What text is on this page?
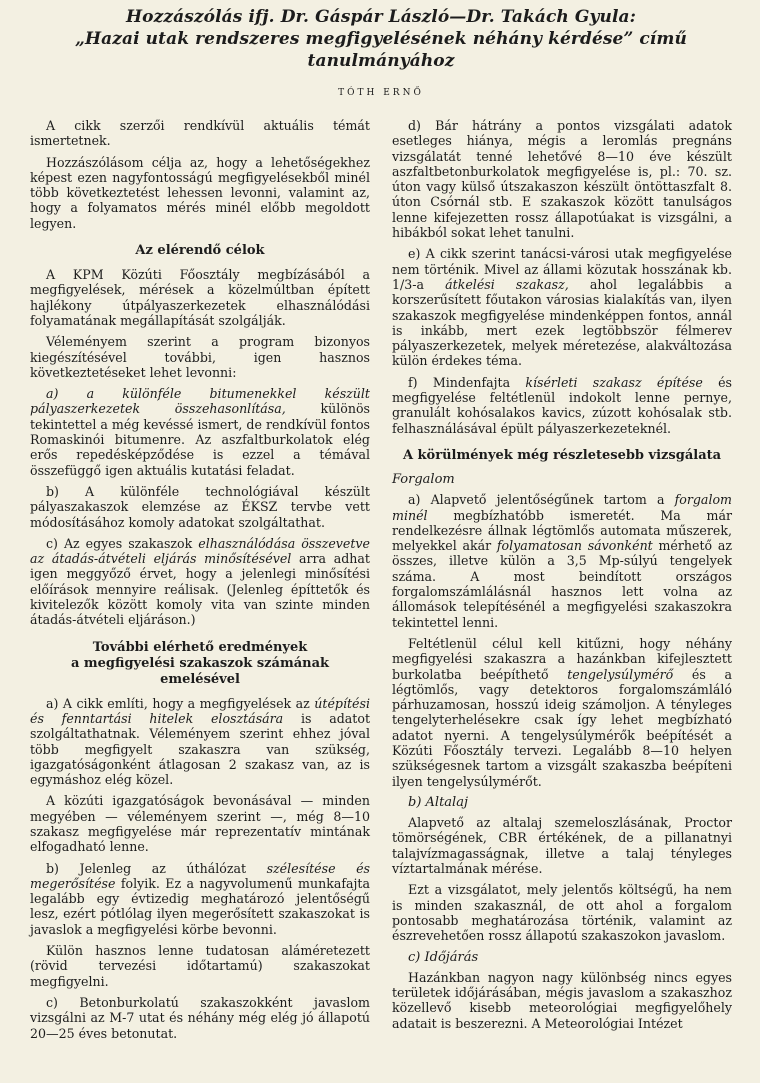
Hozzászólás ifj. Dr. Gáspár László—Dr. Takách Gyula:
„Hazai utak rendszeres megfigyelésének néhány kérdése” című
tanulmányához
TÓTH ERNŐ

A cikk szerzői rendkívül aktuális témát ismertetnek.

Hozzászólásom célja az, hogy a lehetőségekhez képest ezen nagyfontosságú megfigyelésekből minél több következtetést lehessen levonni, valamint az, hogy a folyamatos mérés minél előbb megoldott legyen.

Az elérendő célok

A KPM Közúti Főosztály megbízásából a megfigyelések, mérések a közelmúltban épített hajlékony útpályaszerkezetek elhasználódási folyamatának megállapítását szolgálják.

Véleményem szerint a program bizonyos kiegészítésével további, igen hasznos következtetéseket lehet levonni:

a) a különféle bitumenekkel készült pályaszerkezetek összehasonlítása, különös tekintettel a még kevéssé ismert, de rendkívül fontos Romaskinói bitumenre. Az aszfaltburkolatok elég erős repedésképződése is ezzel a témával összefüggő igen aktuális kutatási feladat.

b) A különféle technológiával készült pályaszakaszok elemzése az ÉKSZ tervbe vett módosításához komoly adatokat szolgáltathat.

c) Az egyes szakaszok elhasználódása összevetve az átadás-átvételi eljárás minősítésével arra adhat igen meggyőző érvet, hogy a jelenlegi minősítési előírások mennyire reálisak. (Jelenleg építtetők és kivitelezők között komoly vita van szinte minden átadás-átvételi eljáráson.)

További elérhető eredmények
a megfigyelési szakaszok számának emelésével

a) A cikk említi, hogy a megfigyelések az útépítési és fenntartási hitelek elosztására is adatot szolgáltathatnak. Véleményem szerint ehhez jóval több megfigyelt szakaszra van szükség, igazgatóságonként átlagosan 2 szakasz van, az is egymáshoz elég közel.

A közúti igazgatóságok bevonásával — minden megyében — véleményem szerint —, még 8—10 szakasz megfigyelése már reprezentatív mintának elfogadható lenne.

b) Jelenleg az úthálózat szélesítése és megerősítése folyik. Ez a nagyvolumenű munkafajta legalább egy évtizedig meghatározó jelentőségű lesz, ezért pótlólag ilyen megerősített szakaszokat is javaslok a megfigyelési körbe bevonni.

Külön hasznos lenne tudatosan aláméretezett (rövid tervezési időtartamú) szakaszokat megfigyelni.

c) Betonburkolatú szakaszokként javaslom vizsgálni az M-7 utat és néhány még elég jó állapotú 20—25 éves betonutat.

d) Bár hátrány a pontos vizsgálati adatok esetleges hiánya, mégis a leromlás pregnáns vizsgálatát tenné lehetővé 8—10 éve készült aszfaltbetonburkolatok megfigyelése is, pl.: 70. sz. úton vagy külső útszakaszon készült öntöttaszfalt 8. úton Csórnál stb. E szakaszok között tanulságos lenne kifejezetten rossz állapotúakat is vizsgálni, a hibákból sokat lehet tanulni.

e) A cikk szerint tanácsi-városi utak megfigyelése nem történik. Mivel az állami közutak hosszának kb. 1/3-a átkelési szakasz, ahol legalábbis a korszerűsített főutakon városias kialakítás van, ilyen szakaszok megfigyelése mindenképpen fontos, annál is inkább, mert ezek legtöbbször félmerev pályaszerkezetek, melyek méretezése, alakváltozása külön érdekes téma.

f) Mindenfajta kísérleti szakasz építése és megfigyelése feltétlenül indokolt lenne pernye, granulált kohósalakos kavics, zúzott kohósalak stb. felhasználásával épült pályaszerkezeteknél.

A körülmények még részletesebb vizsgálata
Forgalom

a) Alapvető jelentőségűnek tartom a forgalom minél megbízhatóbb ismeretét. Ma már rendelkezésre állnak légtömlős automata műszerek, melyekkel akár folyamatosan sávonként mérhető az összes, illetve külön a 3,5 Mp-súlyú tengelyek száma. A most beindított országos forgalomszámlálásnál hasznos lett volna az állomások telepítésénél a megfigyelési szakaszokra tekintettel lenni.

Feltétlenül célul kell kitűzni, hogy néhány megfigyelési szakaszra a hazánkban kifejlesztett burkolatba beépíthető tengelysúlymérő és a légtömlős, vagy detektoros forgalomszámláló párhuzamosan, hosszú ideig számoljon. A tényleges tengelyterhelésekre csak így lehet megbízható adatot nyerni. A tengelysúlymérők beépítését a Közúti Főosztály tervezi. Legalább 8—10 helyen szükségesnek tartom a vizsgált szakaszba beépíteni ilyen tengelysúlymérőt.

b) Altalaj

Alapvető az altalaj szemeloszlásának, Proctor tömörségének, CBR értékének, de a pillanatnyi talajvízmagasságnak, illetve a talaj tényleges víztartalmának mérése.

Ezt a vizsgálatot, mely jelentős költségű, ha nem is minden szakasznál, de ott ahol a forgalom pontosabb meghatározása történik, valamint az észrevehetően rossz állapotú szakaszokon javaslom.

c) Időjárás

Hazánkban nagyon nagy különbség nincs egyes területek időjárásában, mégis javaslom a szakaszhoz közellevő kisebb meteorológiai megfigyelőhely adatait is beszerezni. A Meteorológiai Intézet
